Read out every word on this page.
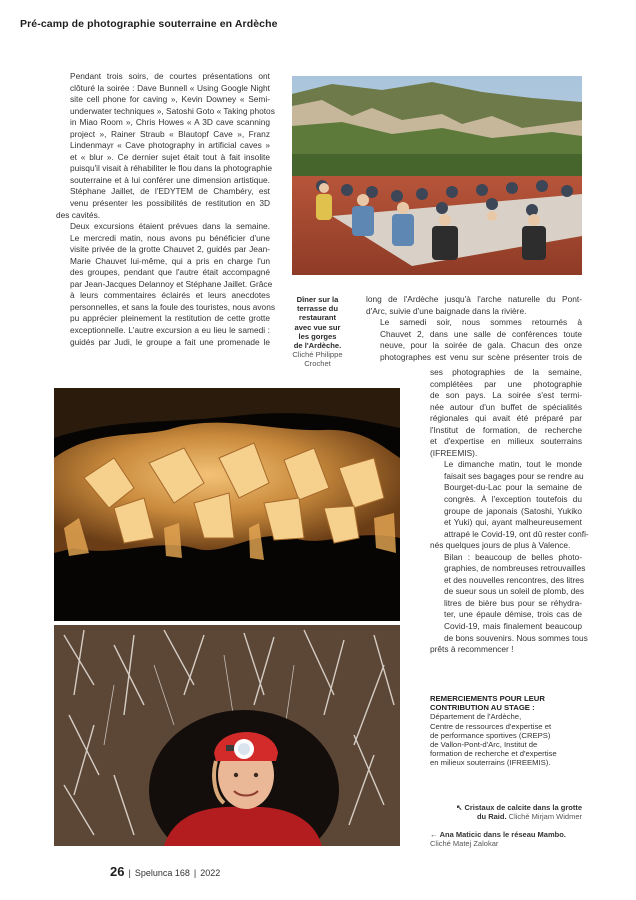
Pré-camp de photographie souterraine en Ardèche

Pendant trois soirs, de courtes présentations ont
clôturé la soirée : Dave Bunnell « Using Google Night
site cell phone for caving », Kevin Downey « Semi-
underwater techniques », Satoshi Goto « Taking photos
in Miao Room », Chris Howes « A 3D cave scanning
project », Rainer Straub « Blautopf Cave », Franz
Lindenmayr « Cave photography in artificial caves »
et « blur ». Ce dernier sujet était tout à fait insolite
puisqu'il visait à réhabiliter le flou dans la photographie
souterraine et à lui conférer une dimension artistique.
Stéphane Jaillet, de l'EDYTEM de Chambéry, est
venu présenter les possibilités de restitution en 3D
des cavités.

Deux excursions étaient prévues dans la semaine.
Le mercredi matin, nous avons pu bénéficier d'une
visite privée de la grotte Chauvet 2, guidés par Jean-
Marie Chauvet lui-même, qui a pris en charge l'un
des groupes, pendant que l'autre était accompagné
par Jean-Jacques Delannoy et Stéphane Jaillet. Grâce
à leurs commentaires éclairés et leurs anecdotes
personnelles, et sans la foule des touristes, nous avons
pu apprécier pleinement la restitution de cette grotte
exceptionnelle. L'autre excursion a eu lieu le samedi :
guidés par Judi, le groupe a fait une promenade le

Dîner sur la
terrasse du
restaurant
avec vue sur
les gorges
de l'Ardèche.
Cliché Philippe
Crochet

long de l'Ardèche jusqu'à l'arche naturelle du Pont-
d'Arc, suivie d'une baignade dans la rivière.

Le samedi soir, nous sommes retournés à
Chauvet 2, dans une salle de conférences toute
neuve, pour la soirée de gala. Chacun des onze
photographes est venu sur scène présenter trois de

ses photographies de la semaine,
complétées par une photographie
de son pays. La soirée s'est termi-
née autour d'un buffet de spécialités
régionales qui avait été préparé par
l'Institut de formation, de recherche
et d'expertise en milieux souterrains
(IFREEMIS).

Le dimanche matin, tout le monde
faisait ses bagages pour se rendre au
Bourget-du-Lac pour la semaine de
congrès. À l'exception toutefois du
groupe de japonais (Satoshi, Yukiko
et Yuki) qui, ayant malheureusement
attrapé le Covid-19, ont dû rester confi-
nés quelques jours de plus à Valence.

Bilan : beaucoup de belles photo-
graphies, de nombreuses retrouvailles
et des nouvelles rencontres, des litres
de sueur sous un soleil de plomb, des
litres de bière bus pour se réhydra-
ter, une épaule démise, trois cas de
Covid-19, mais finalement beaucoup
de bons souvenirs. Nous sommes tous
prêts à recommencer !

REMERCIEMENTS POUR LEUR
CONTRIBUTION AU STAGE :
Département de l'Ardèche,
Centre de ressources d'expertise et
de performance sportives (CREPS)
de Vallon-Pont-d'Arc, Institut de
formation de recherche et d'expertise
en milieux souterrains (IFREEMIS).
↖ Cristaux de calcite dans la grotte
du Raid. Cliché Mirjam Widmer
← Ana Maticic dans le réseau Mambo.
Cliché Matej Zalokar
26 | Spelunca 168 | 2022
